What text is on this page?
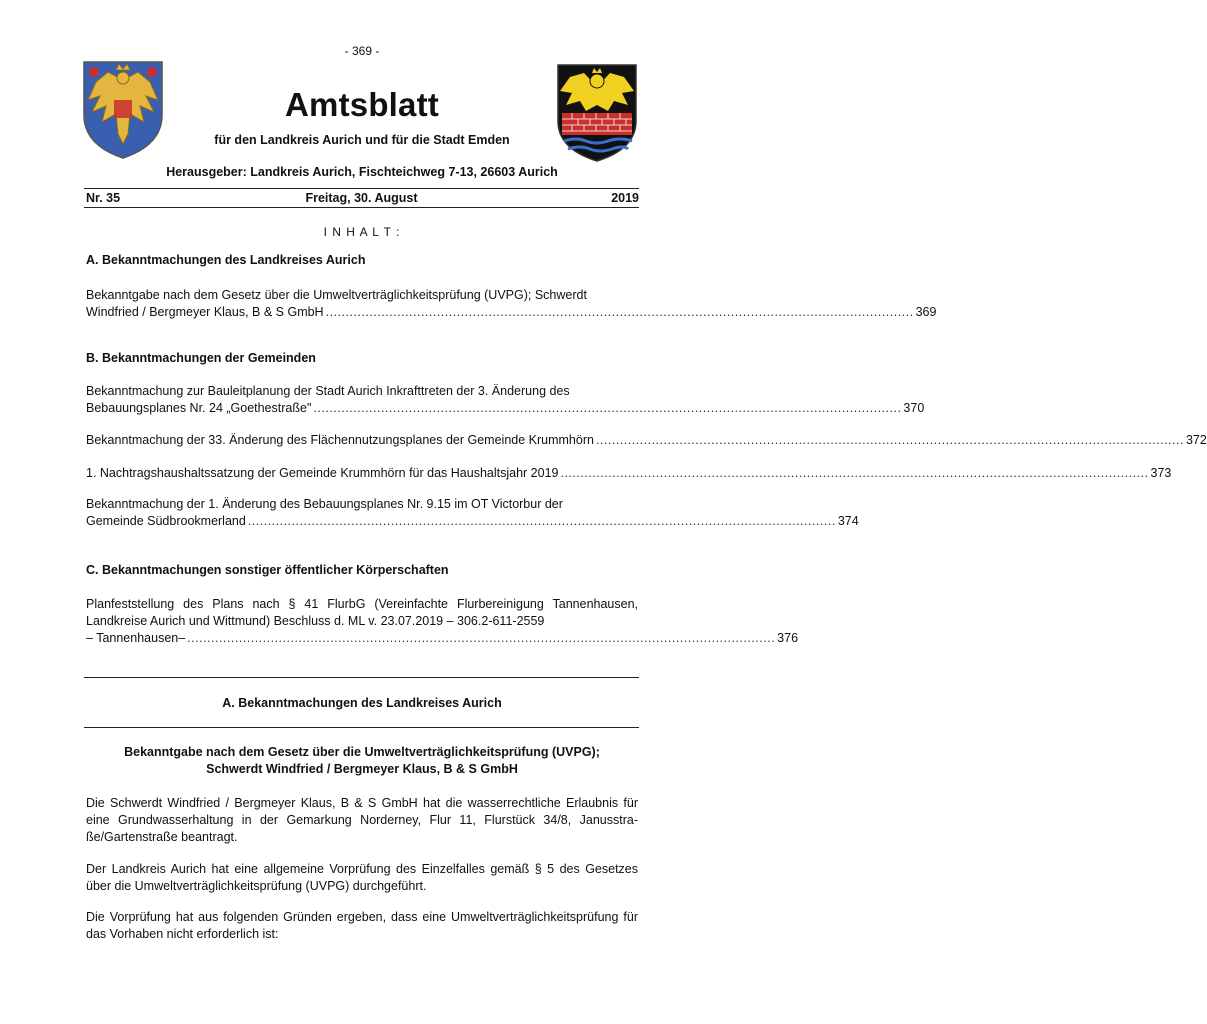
- 369 -
Amtsblatt
für den Landkreis Aurich und für die Stadt Emden
Herausgeber: Landkreis Aurich, Fischteichweg 7-13, 26603 Aurich
Freitag, 30. August
Nr. 35	2019
I N H A L T :
A. Bekanntmachungen des Landkreises Aurich
Bekanntgabe nach dem Gesetz über die Umweltverträglichkeitsprüfung (UVPG); Schwerdt
Windfried / Bergmeyer Klaus, B & S GmbH .................................................................................................................................................... 369
B. Bekanntmachungen der Gemeinden
Bekanntmachung zur Bauleitplanung der Stadt Aurich Inkrafttreten der 3. Änderung des
Bebauungsplanes Nr. 24 „Goethestraße" .................................................................................................................................................... 370
Bekanntmachung der 33. Änderung des Flächennutzungsplanes der Gemeinde Krummhörn .................................................................................................................................................... 372
1. Nachtragshaushaltssatzung der Gemeinde Krummhörn für das Haushaltsjahr 2019 .................................................................................................................................................... 373
Bekanntmachung der 1. Änderung des Bebauungsplanes Nr. 9.15 im OT Victorbur der
Gemeinde Südbrookmerland .................................................................................................................................................... 374
C. Bekanntmachungen sonstiger öffentlicher Körperschaften
Planfeststellung des Plans nach § 41 FlurbG (Vereinfachte Flurbereinigung Tannenhausen, Landkreise Aurich und Wittmund) Beschluss d. ML v. 23.07.2019 – 306.2-611-2559
– Tannenhausen– .................................................................................................................................................... 376
A. Bekanntmachungen des Landkreises Aurich
Bekanntgabe nach dem Gesetz über die Umweltverträglichkeitsprüfung (UVPG);
Schwerdt Windfried / Bergmeyer Klaus, B & S GmbH
Die Schwerdt Windfried / Bergmeyer Klaus, B & S GmbH hat die wasserrechtliche Erlaubnis für eine Grundwasserhaltung in der Gemarkung Norderney, Flur 11, Flurstück 34/8, Janusstraße/Gartenstraße beantragt.
Der Landkreis Aurich hat eine allgemeine Vorprüfung des Einzelfalles gemäß § 5 des Gesetzes über die Umweltverträglichkeitsprüfung (UVPG) durchgeführt.
Die Vorprüfung hat aus folgenden Gründen ergeben, dass eine Umweltverträglichkeitsprüfung für das Vorhaben nicht erforderlich ist:
